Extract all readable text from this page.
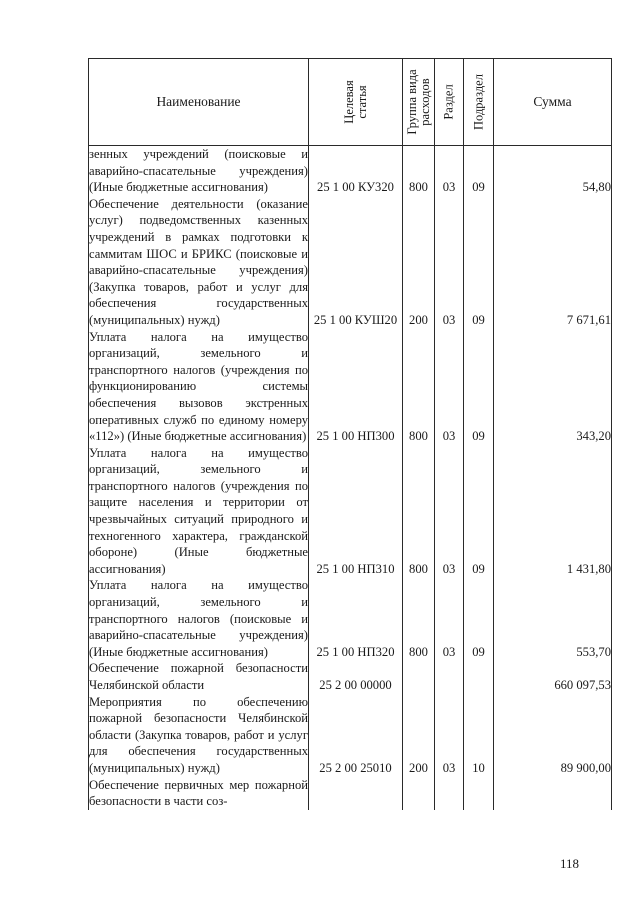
Наименование	Целевая статья	Группа вида расходов	Раздел	Подраздел	Сумма
зенных учреждений (поисковые и аварийно-спасательные учреждения) (Иные бюджетные ассигнования)	25 1 00 КУ320	800	03	09	54,80
Обеспечение деятельности (оказание услуг) подведомственных казенных учреждений в рамках подготовки к саммитам ШОС и БРИКС (поисковые и аварийно-спасательные учреждения) (Закупка товаров, работ и услуг для обеспечения государственных (муниципальных) нужд)	25 1 00 КУШ20	200	03	09	7 671,61
Уплата налога на имущество организаций, земельного и транспортного налогов (учреждения по функционированию системы обеспечения вызовов экстренных оперативных служб по единому номеру «112») (Иные бюджетные ассигнования)	25 1 00 НП300	800	03	09	343,20
Уплата налога на имущество организаций, земельного и транспортного налогов (учреждения по защите населения и территории от чрезвычайных ситуаций природного и техногенного характера, гражданской обороне) (Иные бюджетные ассигнования)	25 1 00 НП310	800	03	09	1 431,80
Уплата налога на имущество организаций, земельного и транспортного налогов (поисковые и аварийно-спасательные учреждения) (Иные бюджетные ассигнования)	25 1 00 НП320	800	03	09	553,70
Обеспечение пожарной безопасности Челябинской области	25 2 00 00000				660 097,53
Мероприятия по обеспечению пожарной безопасности Челябинской области (Закупка товаров, работ и услуг для обеспечения государственных (муниципальных) нужд)	25 2 00 25010	200	03	10	89 900,00
Обеспечение первичных мер пожарной безопасности в части соз-					
118
